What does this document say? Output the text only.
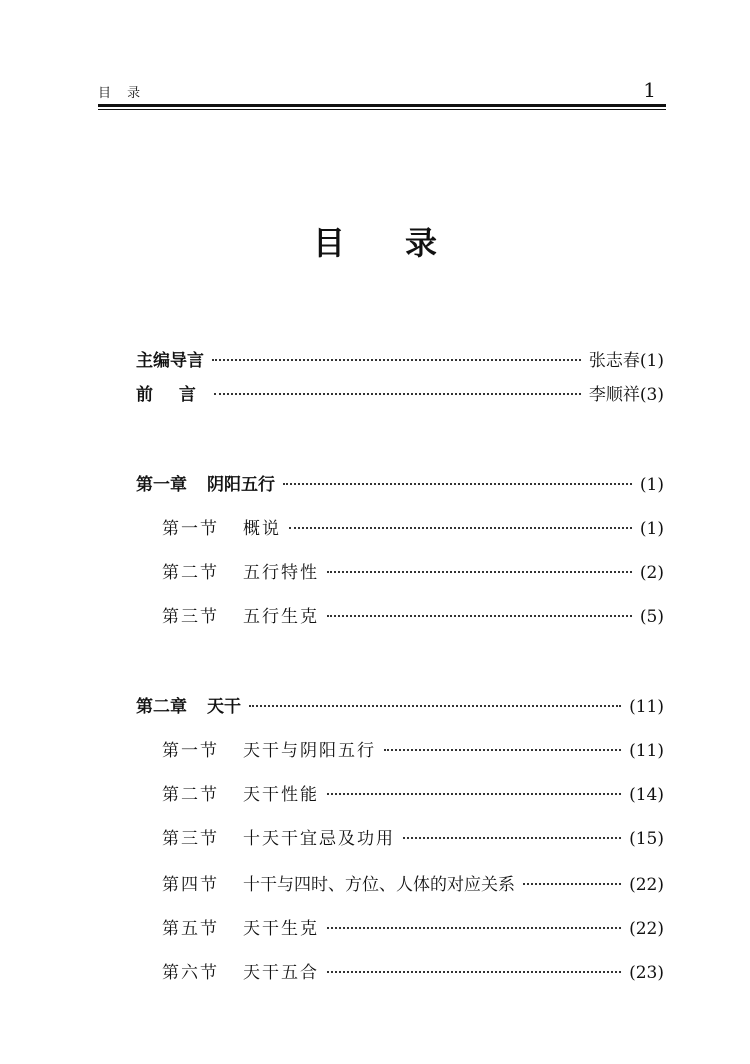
目 录	1
目录
主编导言	张志春 (1)
前 言	李顺祥 (3)
第一章 阴阳五行	(1)
第一节 概说	(1)
第二节 五行特性	(2)
第三节 五行生克	(5)
第二章 天干	(11)
第一节 天干与阴阳五行	(11)
第二节 天干性能	(14)
第三节 十天干宜忌及功用	(15)
第四节 十干与四时、方位、人体的对应关系	(22)
第五节 天干生克	(22)
第六节 天干五合	(23)
